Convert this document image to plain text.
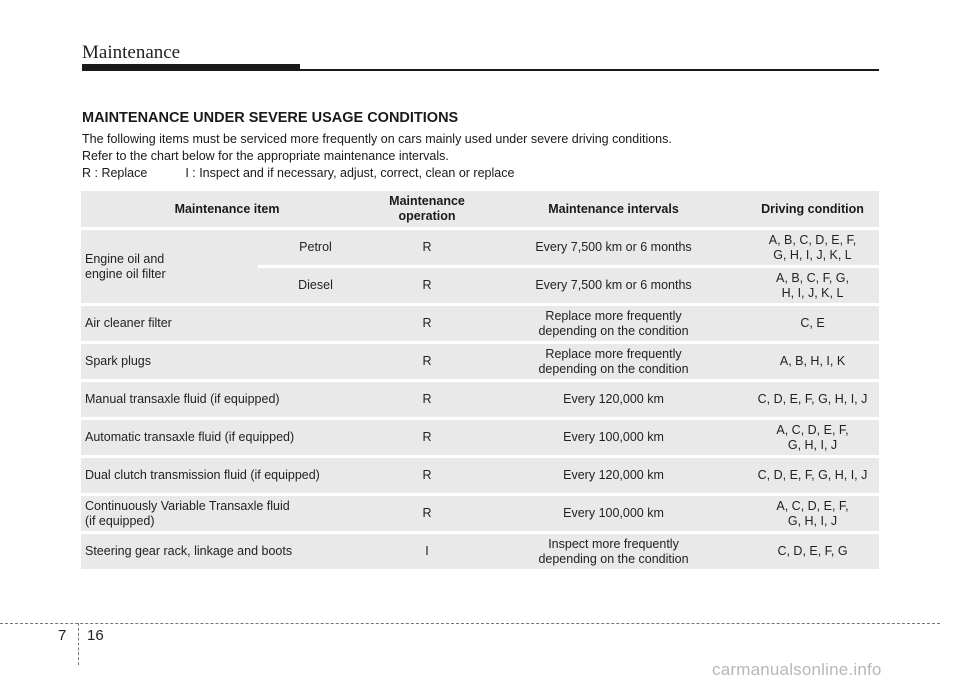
Maintenance
MAINTENANCE UNDER SEVERE USAGE CONDITIONS

The following items must be serviced more frequently on cars mainly used under severe driving conditions.

Refer to the chart below for the appropriate maintenance intervals.

R : Replace	I : Inspect and if necessary, adjust, correct, clean or replace

Maintenance item		Maintenance
operation	Maintenance intervals	Driving condition

Engine oil and
engine oil filter	Petrol	R	Every 7,500 km or 6 months	A, B, C, D, E, F,
G, H, I, J, K, L

	Diesel	R	Every 7,500 km or 6 months	A, B, C, F, G,
H, I, J, K, L

Air cleaner filter		R	Replace more frequently
depending on the condition	C, E

Spark plugs		R	Replace more frequently
depending on the condition	A, B, H, I, K

Manual transaxle fluid (if equipped)		R	Every 120,000 km	C, D, E, F, G, H, I, J

Automatic transaxle fluid (if equipped)		R	Every 100,000 km	A, C, D, E, F,
G, H, I, J

Dual clutch transmission fluid (if equipped)		R	Every 120,000 km	C, D, E, F, G, H, I, J

Continuously Variable Transaxle fluid
(if equipped)		R	Every 100,000 km	A, C, D, E, F,
G, H, I, J

Steering gear rack, linkage and boots		I	Inspect more frequently
depending on the condition	C, D, E, F, G
7 16
carmanualsonline.info
